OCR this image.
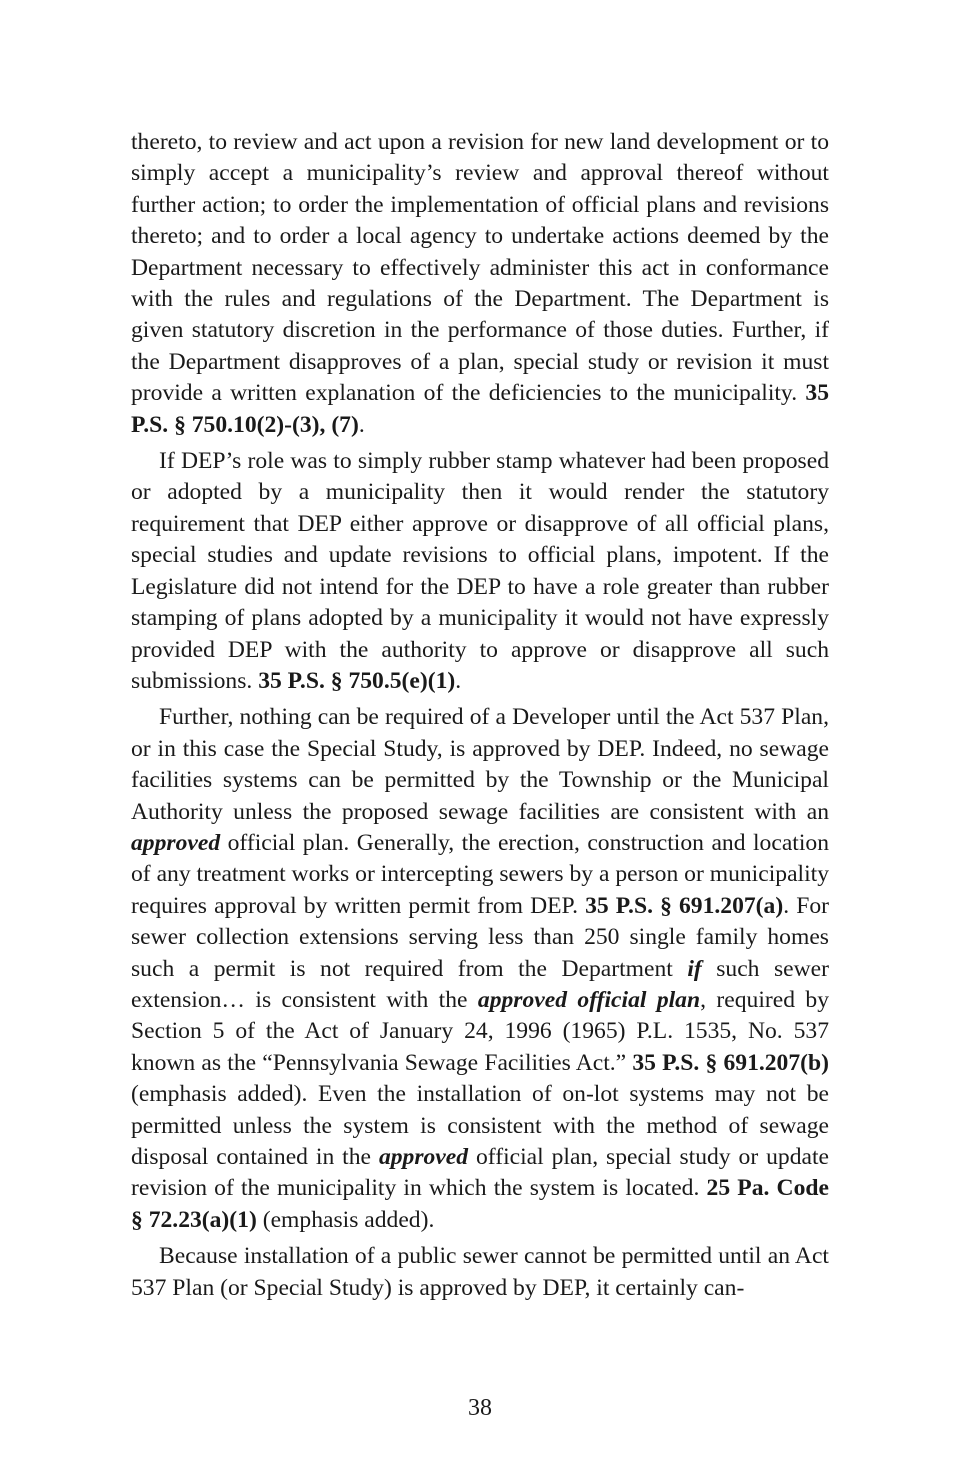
thereto, to review and act upon a revision for new land development or to simply accept a municipality’s review and approval thereof without further action; to order the implementation of official plans and revisions thereto; and to order a local agency to undertake actions deemed by the Department necessary to effectively administer this act in conformance with the rules and regulations of the Department. The Department is given statutory discretion in the performance of those duties. Further, if the Department disapproves of a plan, special study or revision it must provide a written explanation of the deficiencies to the municipality. 35 P.S. § 750.10(2)-(3), (7).

If DEP’s role was to simply rubber stamp whatever had been proposed or adopted by a municipality then it would render the statutory requirement that DEP either approve or disapprove of all official plans, special studies and update revisions to official plans, impotent. If the Legislature did not intend for the DEP to have a role greater than rubber stamping of plans adopted by a municipality it would not have expressly provided DEP with the authority to approve or disapprove all such submissions. 35 P.S. § 750.5(e)(1).

Further, nothing can be required of a Developer until the Act 537 Plan, or in this case the Special Study, is approved by DEP. Indeed, no sewage facilities systems can be permitted by the Township or the Municipal Authority unless the proposed sewage facilities are consistent with an approved official plan. Generally, the erection, construction and location of any treatment works or intercepting sewers by a person or municipality requires approval by written permit from DEP. 35 P.S. § 691.207(a). For sewer collection extensions serving less than 250 single family homes such a permit is not required from the Department if such sewer extension… is consistent with the approved official plan, required by Section 5 of the Act of January 24, 1996 (1965) P.L. 1535, No. 537 known as the “Pennsylvania Sewage Facilities Act.” 35 P.S. § 691.207(b) (emphasis added). Even the installation of on-lot systems may not be permitted unless the system is consistent with the method of sewage disposal contained in the approved official plan, special study or update revision of the municipality in which the system is located. 25 Pa. Code § 72.23(a)(1) (emphasis added).

Because installation of a public sewer cannot be permitted until an Act 537 Plan (or Special Study) is approved by DEP, it certainly can-

38
